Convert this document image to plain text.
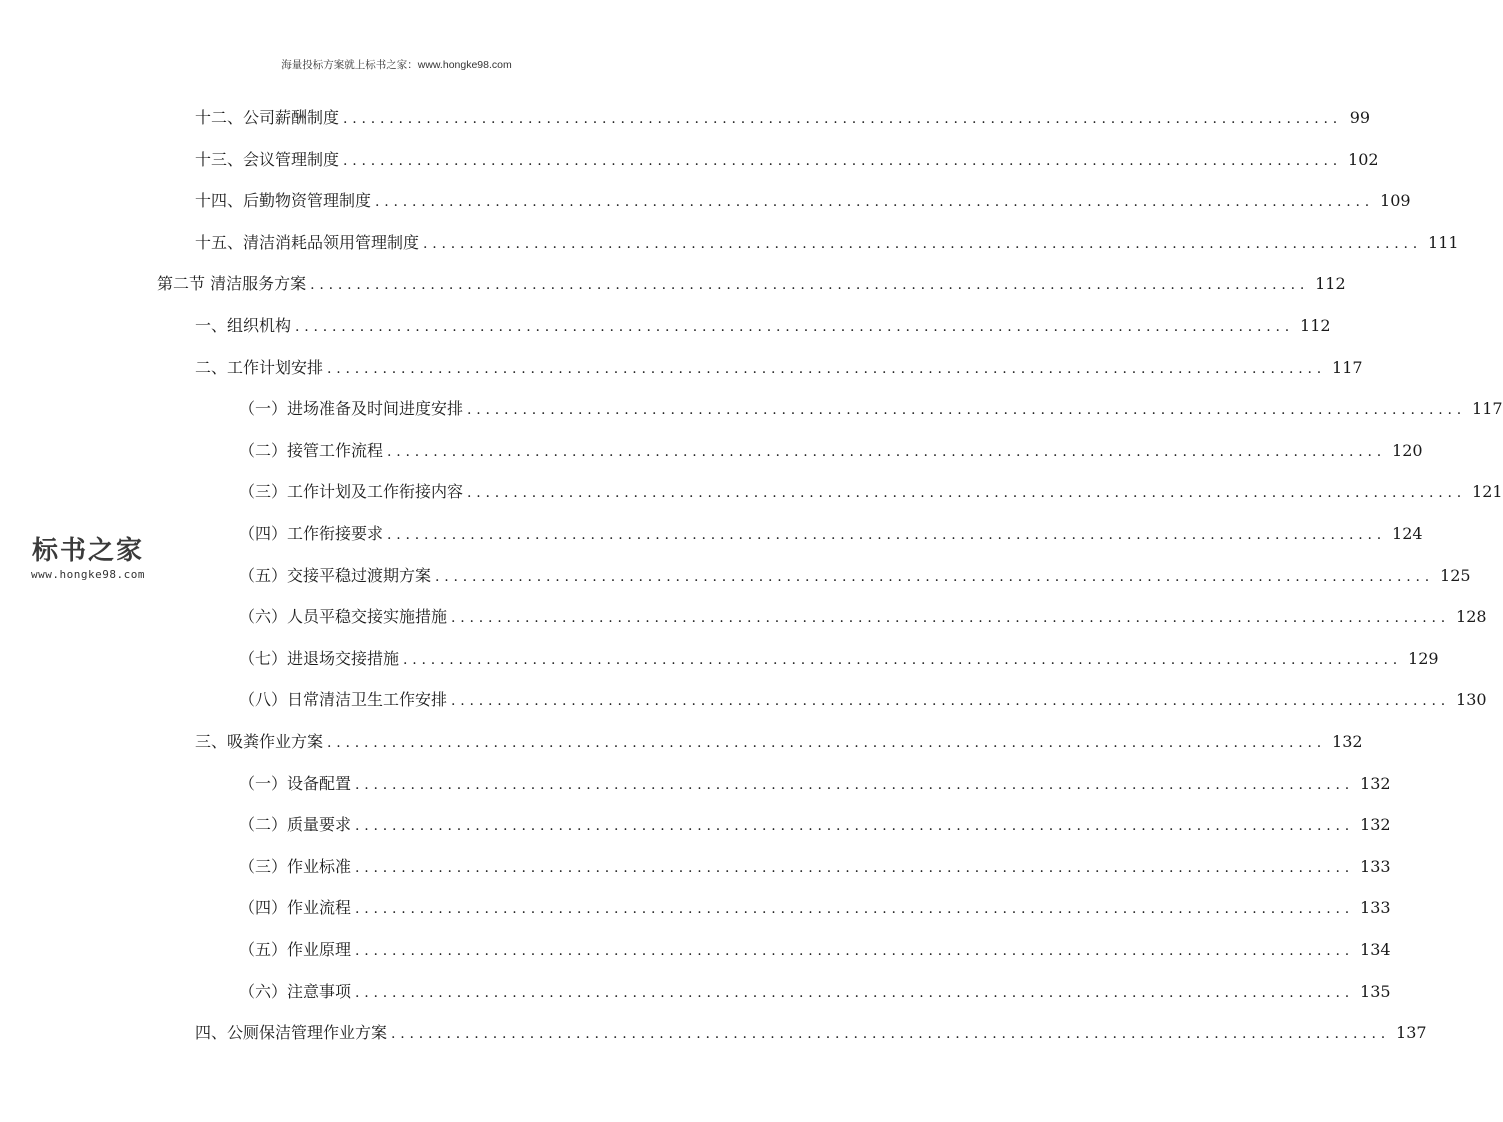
海量投标方案就上标书之家：www.hongke98.com
十二、公司薪酬制度 ............................................................................................................ 99
十三、会议管理制度 ............................................................................................................ 102
十四、后勤物资管理制度 ............................................................................................................ 109
十五、清洁消耗品领用管理制度 ............................................................................................................ 111
第二节 清洁服务方案 ............................................................................................................ 112
一、组织机构 ............................................................................................................ 112
二、工作计划安排 ............................................................................................................ 117
（一）进场准备及时间进度安排 ............................................................................................................ 117
（二）接管工作流程 ............................................................................................................ 120
（三）工作计划及工作衔接内容 ............................................................................................................ 121
（四）工作衔接要求 ............................................................................................................ 124
（五）交接平稳过渡期方案 ............................................................................................................ 125
（六）人员平稳交接实施措施 ............................................................................................................ 128
（七）进退场交接措施 ............................................................................................................ 129
（八）日常清洁卫生工作安排 ............................................................................................................ 130
三、吸粪作业方案 ............................................................................................................ 132
（一）设备配置 ............................................................................................................ 132
（二）质量要求 ............................................................................................................ 132
（三）作业标准 ............................................................................................................ 133
（四）作业流程 ............................................................................................................ 133
（五）作业原理 ............................................................................................................ 134
（六）注意事项 ............................................................................................................ 135
四、公厕保洁管理作业方案 ............................................................................................................ 137
标书之家
www.hongke98.com
